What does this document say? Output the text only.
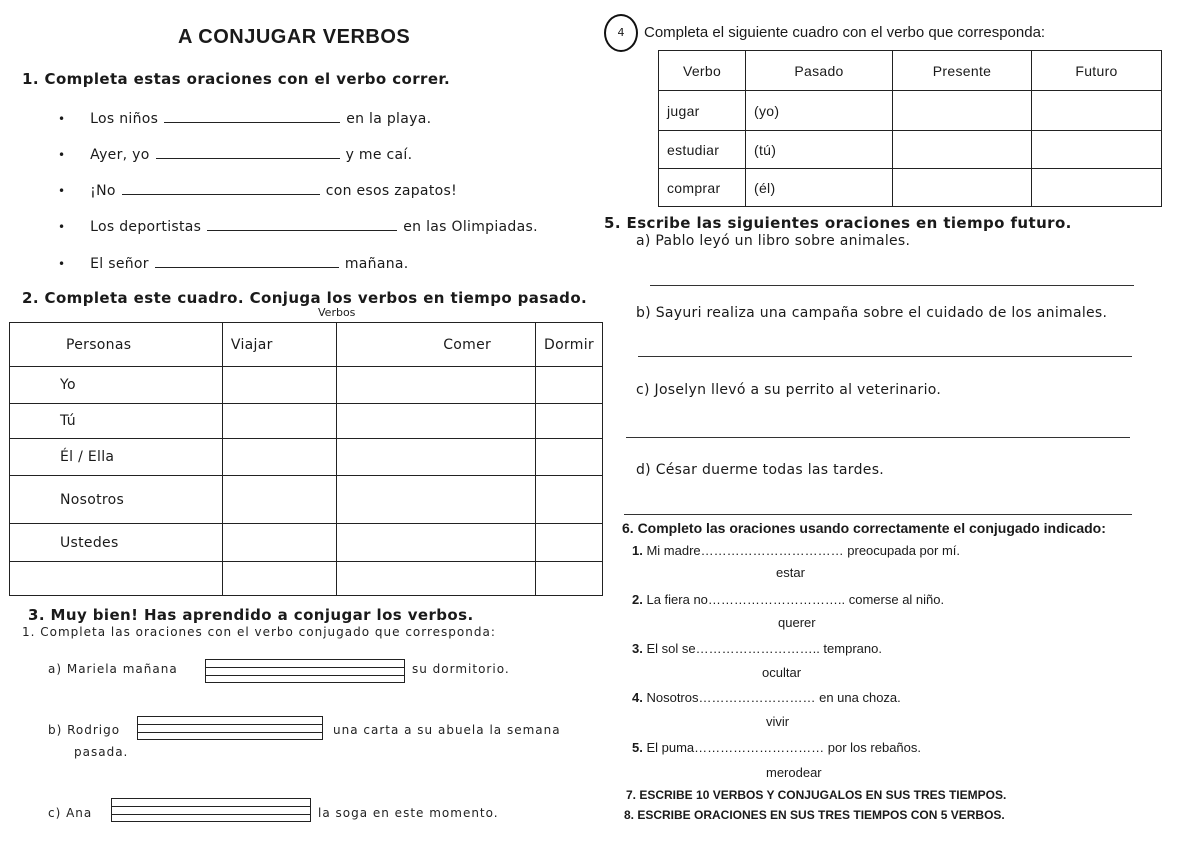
A CONJUGAR VERBOS
1. Completa estas oraciones con el verbo correr.
• Los niños	en la playa.
• Ayer, yo	y me caí.
• ¡No	con esos zapatos!
• Los deportistas	en las Olimpiadas.
• El señor	mañana.
2. Completa este cuadro. Conjuga los verbos en tiempo pasado.
Verbos
Personas	Viajar	Comer	Dormir
Yo			
Tú			
Él / Ella			
Nosotros			
Ustedes			

3. Muy bien! Has aprendido a conjugar los verbos.
1. Completa las oraciones con el verbo conjugado que corresponda:
a) Mariela mañana	su dormitorio.
b) Rodrigo	una carta a su abuela la semana
pasada.
c) Ana	la soga en este momento.
4	Completa el siguiente cuadro con el verbo que corresponda:
Verbo	Pasado	Presente	Futuro
jugar	(yo)		
estudiar	(tú)		
comprar	(él)		
5. Escribe las siguientes oraciones en tiempo futuro.
a) Pablo leyó un libro sobre animales.
b) Sayuri realiza una campaña sobre el cuidado de los animales.
c) Joselyn llevó a su perrito al veterinario.
d) César duerme todas las tardes.
6. Completo las oraciones usando correctamente el conjugado indicado:
1. Mi madre…………………………… preocupada por mí.
estar
2. La fiera no………………………….. comerse al niño.
querer
3. El sol se……………………….. temprano.
ocultar
4. Nosotros……………………… en una choza.
vivir
5. El puma………………………… por los rebaños.
merodear
7. ESCRIBE 10 VERBOS Y CONJUGALOS EN SUS TRES TIEMPOS.
8. ESCRIBE ORACIONES EN SUS TRES TIEMPOS CON 5 VERBOS.
